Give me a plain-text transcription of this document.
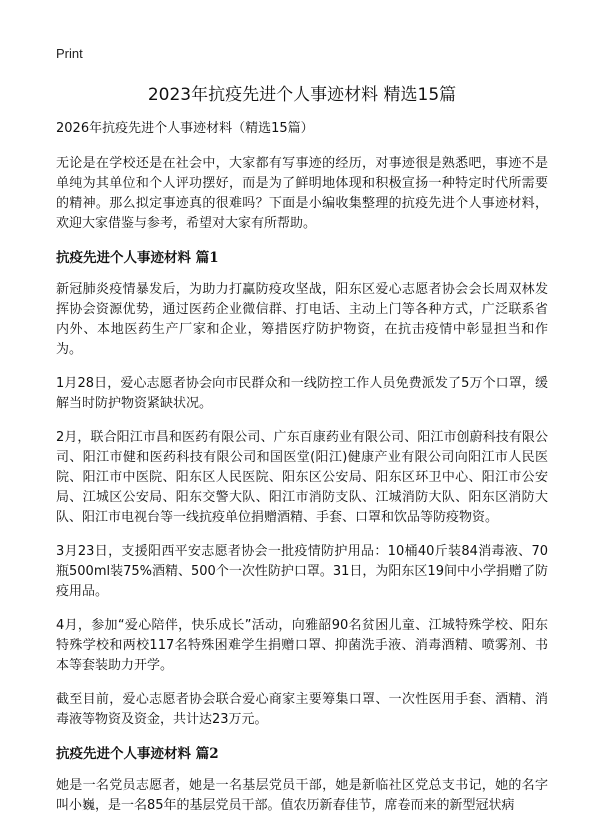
Print
2023年抗疫先进个人事迹材料 精选15篇
2026年抗疫先进个人事迹材料（精选15篇）

无论是在学校还是在社会中，大家都有写事迹的经历，对事迹很是熟悉吧，事迹不是单纯为其单位和个人评功摆好，而是为了鲜明地体现和积极宣扬一种特定时代所需要的精神。那么拟定事迹真的很难吗？下面是小编收集整理的抗疫先进个人事迹材料，欢迎大家借鉴与参考，希望对大家有所帮助。

抗疫先进个人事迹材料 篇1

新冠肺炎疫情暴发后，为助力打赢防疫攻坚战，阳东区爱心志愿者协会会长周双林发挥协会资源优势，通过医药企业微信群、打电话、主动上门等各种方式，广泛联系省内外、本地医药生产厂家和企业，筹措医疗防护物资，在抗击疫情中彰显担当和作为。

1月28日，爱心志愿者协会向市民群众和一线防控工作人员免费派发了5万个口罩，缓解当时防护物资紧缺状况。

2月，联合阳江市昌和医药有限公司、广东百康药业有限公司、阳江市创蔚科技有限公司、阳江市健和医药科技有限公司和国医堂(阳江)健康产业有限公司向阳江市人民医院、阳江市中医院、阳东区人民医院、阳东区公安局、阳东区环卫中心、阳江市公安局、江城区公安局、阳东交警大队、阳江市消防支队、江城消防大队、阳东区消防大队、阳江市电视台等一线抗疫单位捐赠酒精、手套、口罩和饮品等防疫物资。

3月23日，支援阳西平安志愿者协会一批疫情防护用品：10桶40斤装84消毒液、70瓶500ml装75%酒精、500个一次性防护口罩。31日，为阳东区19间中小学捐赠了防疫用品。

4月，参加“爱心陪伴，快乐成长”活动，向雅韶90名贫困儿童、江城特殊学校、阳东特殊学校和两校117名特殊困难学生捐赠口罩、抑菌洗手液、消毒酒精、喷雾剂、书本等套装助力开学。

截至目前，爱心志愿者协会联合爱心商家主要筹集口罩、一次性医用手套、酒精、消毒液等物资及资金，共计达23万元。

抗疫先进个人事迹材料 篇2

她是一名党员志愿者，她是一名基层党员干部，她是新临社区党总支书记，她的名字叫小巍，是一名85年的基层党员干部。值农历新春佳节，席卷而来的新型冠状病
